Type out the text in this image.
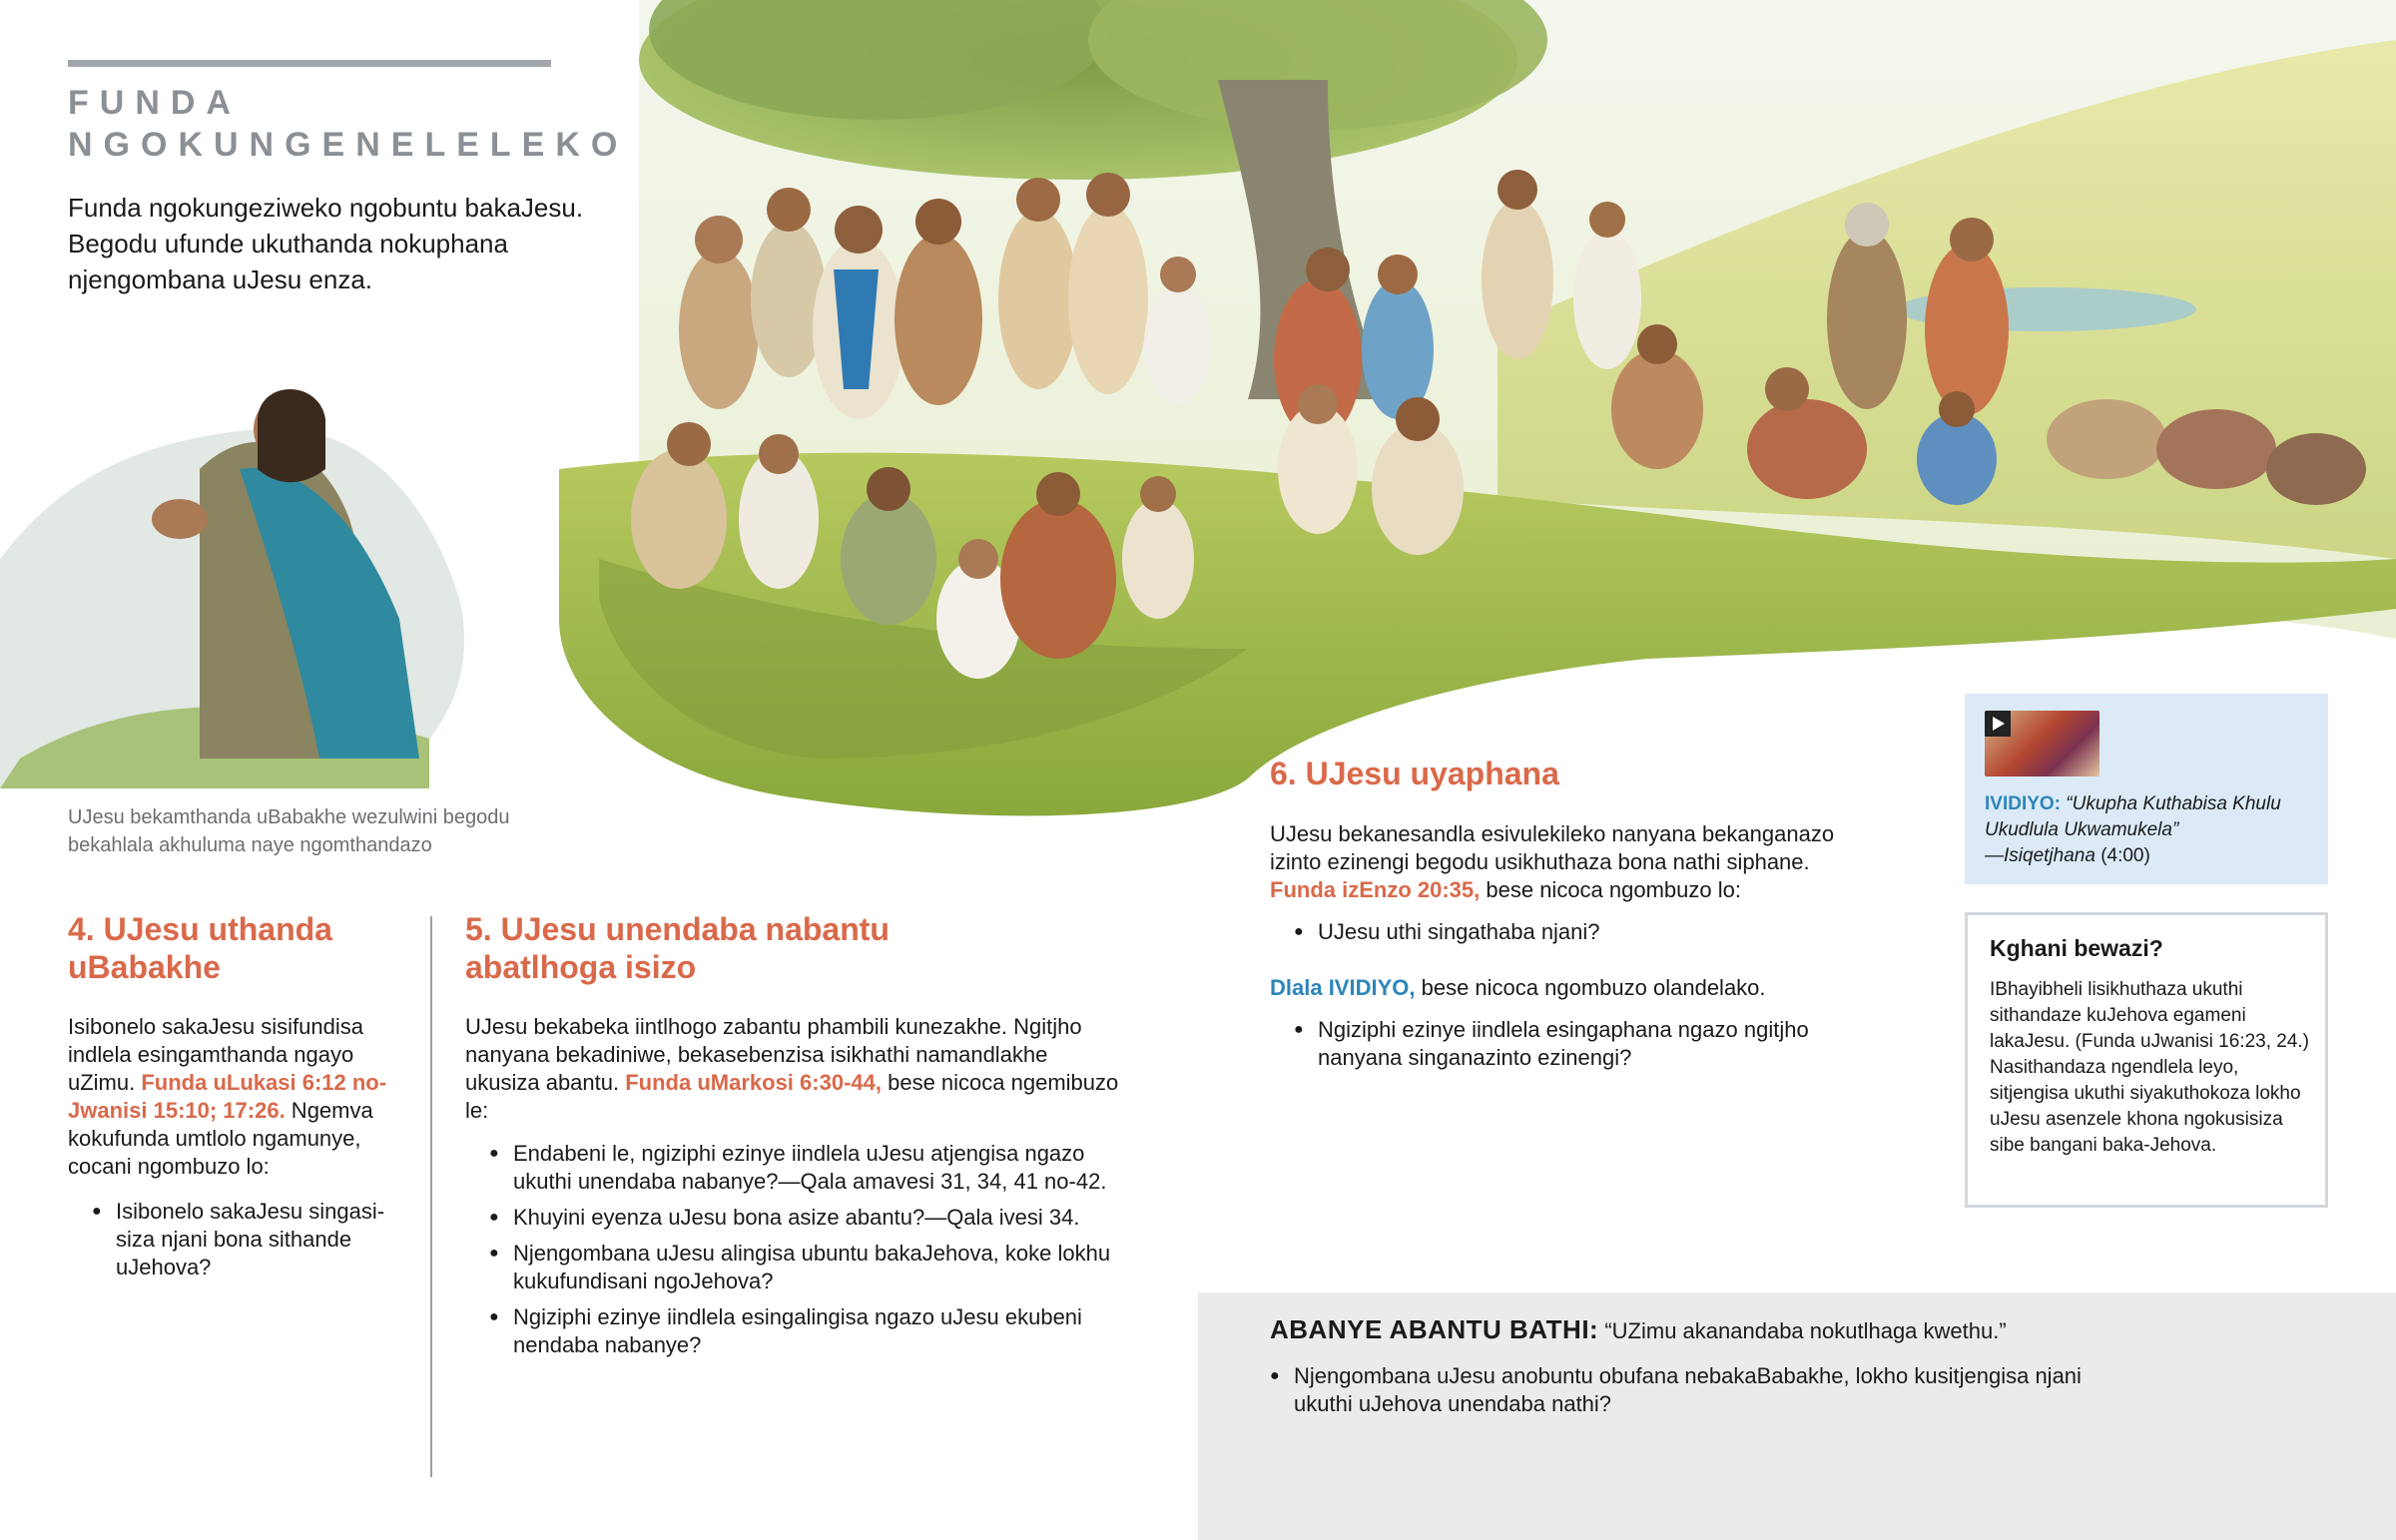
FUNDA
NGOKUNGENELELEKO

Funda ngokungeziweko ngobuntu bakaJesu. Begodu ufunde ukuthanda nokuphana njengombana uJesu enza.

UJesu bekamthanda uBabakhe wezulwini begodu bekahlala akhuluma naye ngomthandazo

4. UJesu uthanda uBabakhe

Isibonelo sakaJesu sisifundisa indlela esingamthanda ngayo uZimu. Funda uLukasi 6:12 no-Jwanisi 15:10; 17:26. Ngemva kokufunda umtlolo ngamunye, cocani ngombuzo lo:

● Isibonelo sakaJesu singasi-siza njani bona sithande uJehova?
5. UJesu unendaba nabantu abatlhoga isizo

UJesu bekabeka iintlhogo zabantu phambili kunezakhe. Ngitjho nanyana bekadiniwe, bekasebenzisa isikhathi namandlakhe ukusiza abantu. Funda uMarkosi 6:30-44, bese nicoca ngemibuzo le:

● Endabeni le, ngiziphi ezinye iindlela uJesu atjengisa ngazo ukuthi unendaba nabanye?—Qala amavesi 31, 34, 41 no-42.
● Khuyini eyenza uJesu bona asize abantu?—Qala ivesi 34.
● Njengombana uJesu alingisa ubuntu bakaJehova, koke lokhu kukufundisani ngoJehova?
● Ngiziphi ezinye iindlela esingalingisa ngazo uJesu ekubeni nendaba nabanye?
6. UJesu uyaphana

UJesu bekanesandla esivulekileko nanyana bekanganazo izinto ezinengi begodu usikhuthaza bona nathi siphane. Funda izEnzo 20:35, bese nicoca ngombuzo lo:

● UJesu uthi singathaba njani?

Dlala IVIDIYO, bese nicoca ngombuzo olandelako.

● Ngiziphi ezinye iindlela esingaphana ngazo ngitjho nanyana singanazinto ezinengi?

IVIDIYO: “Ukupha Kuthabisa Khulu Ukudlula Ukwamukela”
—Isiqetjhana (4:00)

Kghani bewazi?

IBhayibheli lisikhuthaza ukuthi sithandaze kuJehova egameni lakaJesu. (Funda uJwanisi 16:23, 24.) Nasithandaza ngendlela leyo, sitjengisa ukuthi siyakuthokoza lokho uJesu asenzele khona ngokusisiza sibe bangani baka-Jehova.

ABANYE ABANTU BATHI: “UZimu akanandaba nokutlhaga kwethu.”

● Njengombana uJesu anobuntu obufana nebakaBabakhe, lokho kusitjengisa njani ukuthi uJehova unendaba nathi?
